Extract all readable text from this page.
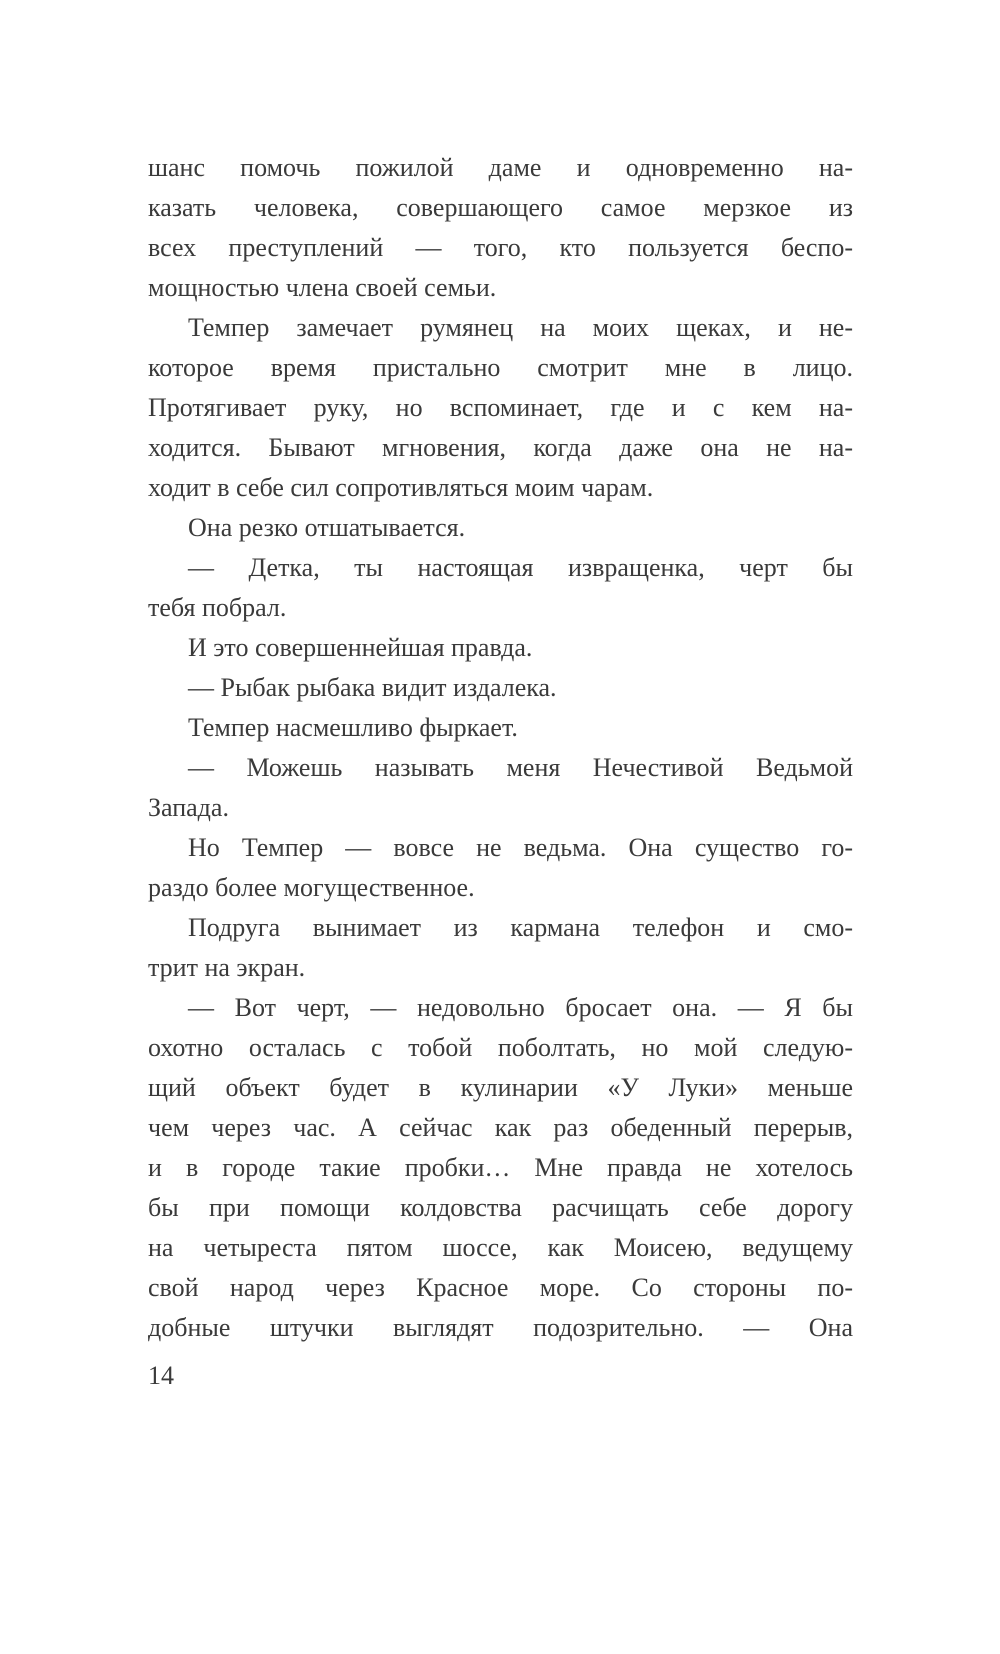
шанс помочь пожилой даме и одновременно на-
казать человека, совершающего самое мерзкое из
всех преступлений — того, кто пользуется беспо-
мощностью члена своей семьи.
Темпер замечает румянец на моих щеках, и не-
которое время пристально смотрит мне в лицо.
Протягивает руку, но вспоминает, где и с кем на-
ходится. Бывают мгновения, когда даже она не на-
ходит в себе сил сопротивляться моим чарам.
Она резко отшатывается.
— Детка, ты настоящая извращенка, черт бы
тебя побрал.
И это совершеннейшая правда.
— Рыбак рыбака видит издалека.
Темпер насмешливо фыркает.
— Можешь называть меня Нечестивой Ведьмой
Запада.
Но Темпер — вовсе не ведьма. Она существо го-
раздо более могущественное.
Подруга вынимает из кармана телефон и смо-
трит на экран.
— Вот черт, — недовольно бросает она. — Я бы
охотно осталась с тобой поболтать, но мой следую-
щий объект будет в кулинарии «У Луки» меньше
чем через час. А сейчас как раз обеденный перерыв,
и в городе такие пробки… Мне правда не хотелось
бы при помощи колдовства расчищать себе дорогу
на четыреста пятом шоссе, как Моисею, ведущему
свой народ через Красное море. Со стороны по-
добные штучки выглядят подозрительно. — Она
14
